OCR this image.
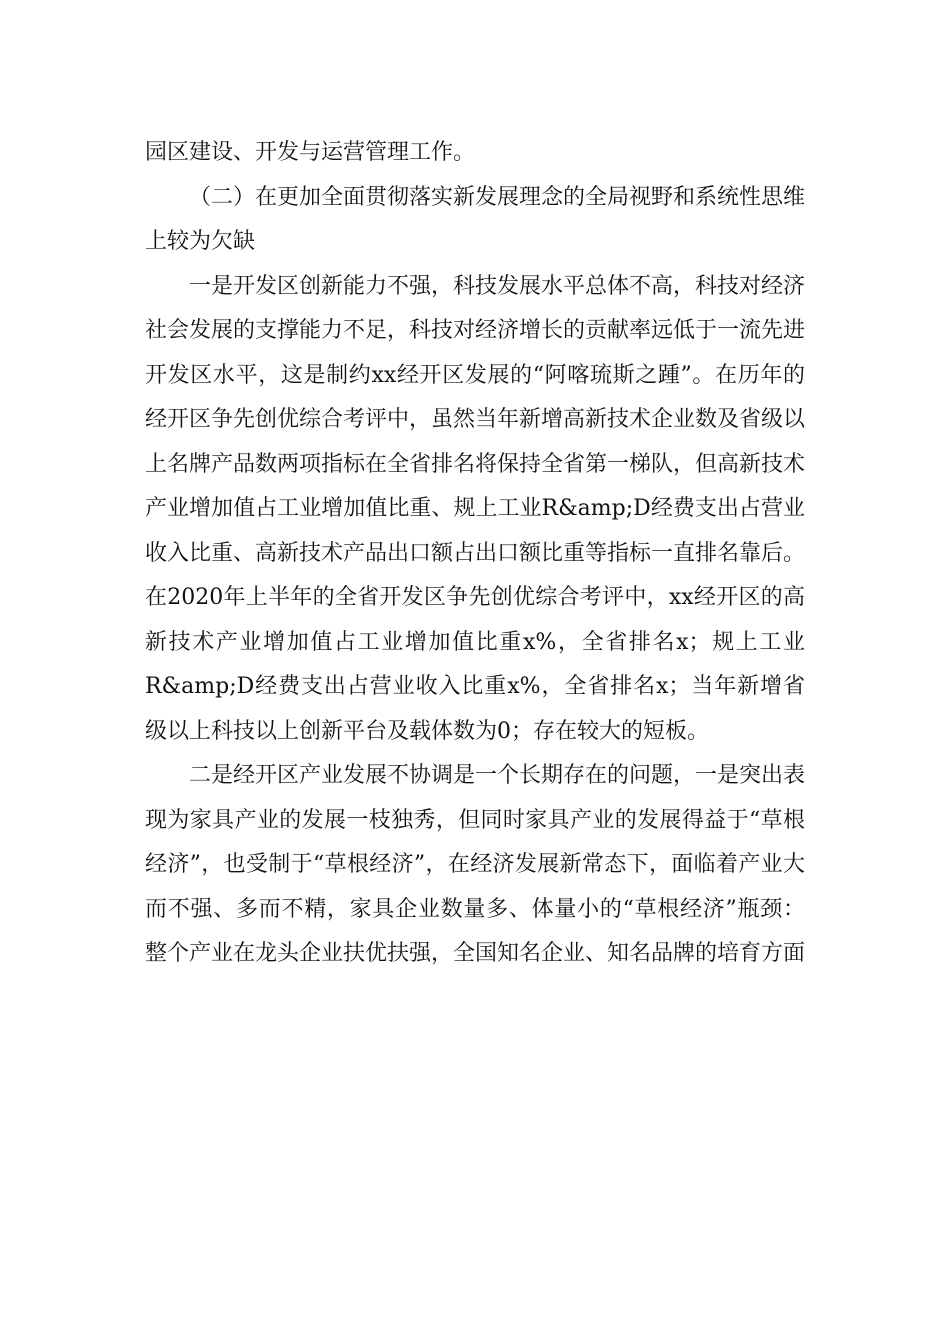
园区建设、开发与运营管理工作。

（二）在更加全面贯彻落实新发展理念的全局视野和系统性思维上较为欠缺

一是开发区创新能力不强，科技发展水平总体不高，科技对经济社会发展的支撑能力不足，科技对经济增长的贡献率远低于一流先进开发区水平，这是制约xx经开区发展的“阿喀琉斯之踵”。在历年的经开区争先创优综合考评中，虽然当年新增高新技术企业数及省级以上名牌产品数两项指标在全省排名将保持全省第一梯队，但高新技术产业增加值占工业增加值比重、规上工业R&amp;D经费支出占营业收入比重、高新技术产品出口额占出口额比重等指标一直排名靠后。在2020年上半年的全省开发区争先创优综合考评中，xx经开区的高新技术产业增加值占工业增加值比重x%，全省排名x；规上工业R&amp;D经费支出占营业收入比重x%，全省排名x；当年新增省级以上科技以上创新平台及载体数为0；存在较大的短板。

二是经开区产业发展不协调是一个长期存在的问题，一是突出表现为家具产业的发展一枝独秀，但同时家具产业的发展得益于“草根经济”，也受制于“草根经济”，在经济发展新常态下，面临着产业大而不强、多而不精，家具企业数量多、体量小的“草根经济”瓶颈：整个产业在龙头企业扶优扶强，全国知名企业、知名品牌的培育方面
